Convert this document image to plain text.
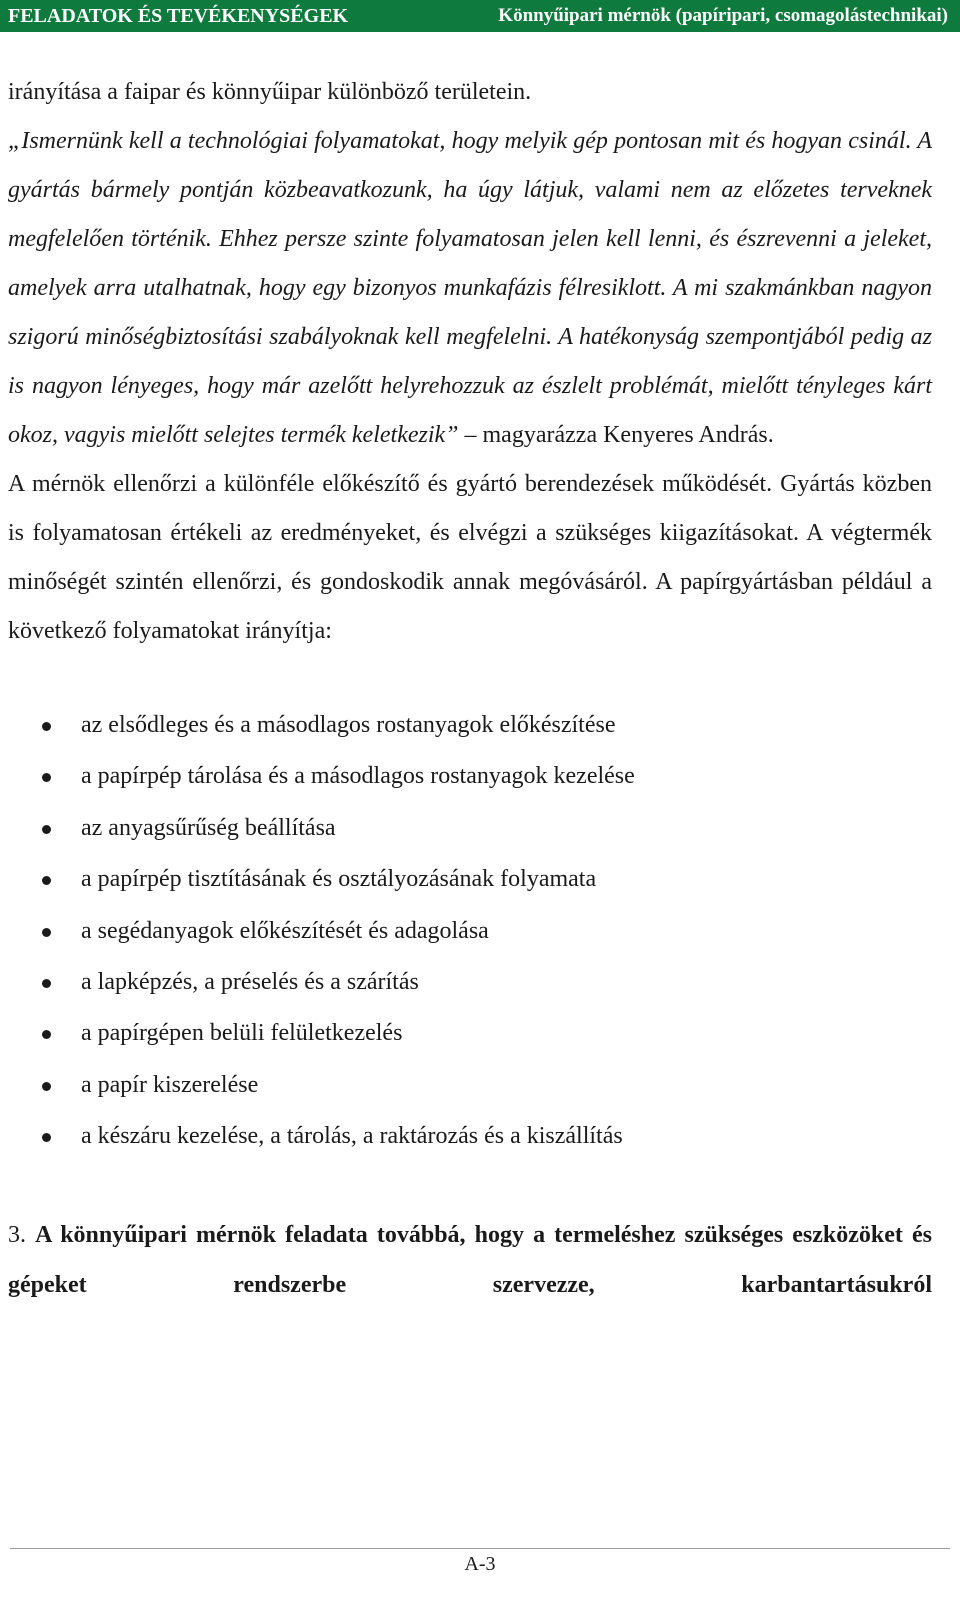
FELADATOK ÉS TEVÉKENYSÉGEK	Könnyűipari mérnök (papíripari, csomagolástechnikai)

irányítása a faipar és könnyűipar különböző területein.

„Ismernünk kell a technológiai folyamatokat, hogy melyik gép pontosan mit és hogyan csinál. A gyártás bármely pontján közbeavatkozunk, ha úgy látjuk, valami nem az előzetes terveknek megfelelően történik. Ehhez persze szinte folyamatosan jelen kell lenni, és észrevenni a jeleket, amelyek arra utalhatnak, hogy egy bizonyos munkafázis félresiklott. A mi szakmánkban nagyon szigorú minőségbiztosítási szabályoknak kell megfelelni. A hatékonyság szempontjából pedig az is nagyon lényeges, hogy már azelőtt helyrehozzuk az észlelt problémát, mielőtt tényleges kárt okoz, vagyis mielőtt selejtes termék keletkezik” – magyarázza Kenyeres András.

A mérnök ellenőrzi a különféle előkészítő és gyártó berendezések működését. Gyártás közben is folyamatosan értékeli az eredményeket, és elvégzi a szükséges kiigazításokat. A végtermék minőségét szintén ellenőrzi, és gondoskodik annak megóvásáról. A papírgyártásban például a következő folyamatokat irányítja:

az elsődleges és a másodlagos rostanyagok előkészítése
a papírpép tárolása és a másodlagos rostanyagok kezelése
az anyagsűrűség beállítása
a papírpép tisztításának és osztályozásának folyamata
a segédanyagok előkészítését és adagolása
a lapképzés, a préselés és a szárítás
a papírgépen belüli felületkezelés
a papír kiszerelése
a készáru kezelése, a tárolás, a raktározás és a kiszállítás

3. A könnyűipari mérnök feladata továbbá, hogy a termeléshez szükséges eszközöket és gépeket rendszerbe szervezze, karbantartásukról

A-3
